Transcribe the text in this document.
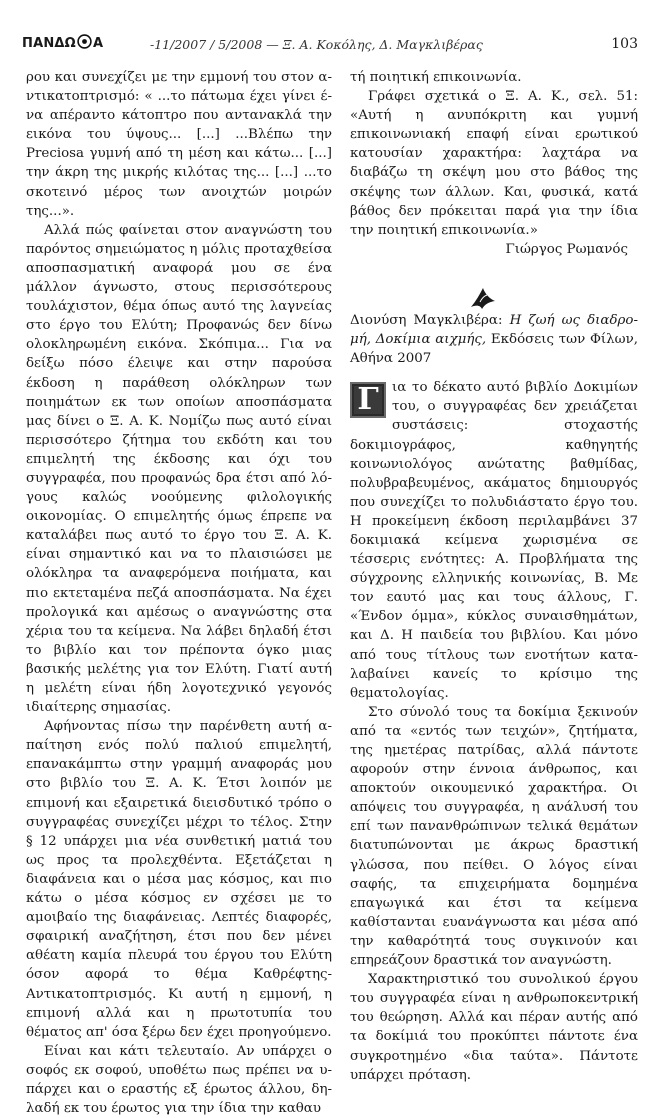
ΠΑΝΔΩ Α	-11/2007 / 5/2008 — Ξ. Α. Κοκόλης, Δ. Μαγκλιβέρας	103

ρου και συνεχίζει με την εμμονή του στον αντικατοπτρισμό: « ...το πάτωμα έχει γίνει ένα απέραντο κάτοπτρο που αντανακλά την εικόνα του ύψους... [...] ...Βλέπω την Preciosa γυμνή από τη μέση και κάτω... [...] την άκρη της μικρής κιλότας της... [...] ...το σκοτεινό μέρος των ανοιχτών μοιρών της...».

Αλλά πώς φαίνεται στον αναγνώστη του παρόντος σημειώματος η μόλις προταχθείσα αποσπασματική αναφορά μου σε ένα μάλλον άγνωστο, στους περισσότερους τουλάχιστον, θέμα όπως αυτό της λαγνείας στο έργο του Ελύτη; Προφανώς δεν δίνω ολοκληρωμένη εικόνα. Σκόπιμα... Για να δείξω πόσο έλειψε και στην παρούσα έκδοση η παράθεση ολόκληρων των ποιημάτων εκ των οποίων αποσπάσματα μας δίνει ο Ξ. Α. Κ. Νομίζω πως αυτό είναι περισσότερο ζήτημα του εκδότη και του επιμελητή της έκδοσης και όχι του συγγραφέα, που προφανώς δρα έτσι από λόγους καλώς νοούμενης φιλολογικής οικονομίας. Ο επιμελητής όμως έπρεπε να καταλάβει πως αυτό το έργο του Ξ. Α. Κ. είναι σημαντικό και να το πλαισιώσει με ολόκληρα τα αναφερόμενα ποιήματα, και πιο εκτεταμένα πεζά αποσπάσματα. Να έχει προλογικά και αμέσως ο αναγνώστης στα χέρια του τα κείμενα. Να λάβει δηλαδή έτσι το βιβλίο και τον πρέποντα όγκο μιας βασικής μελέτης για τον Ελύτη. Γιατί αυτή η μελέτη είναι ήδη λογοτεχνικό γεγονός ιδιαίτερης σημασίας.

Αφήνοντας πίσω την παρένθετη αυτή απαίτηση ενός πολύ παλιού επιμελητή, επανακάμπτω στην γραμμή αναφοράς μου στο βιβλίο του Ξ. Α. Κ. Έτσι λοιπόν με επιμονή και εξαιρετικά διεισδυτικό τρόπο ο συγγραφέας συνεχίζει μέχρι το τέλος. Στην § 12 υπάρχει μια νέα συνθετική ματιά του ως προς τα προλεχθέντα. Εξετάζεται η διαφάνεια και ο μέσα μας κόσμος, και πιο κάτω ο μέσα κόσμος εν σχέσει με το αμοιβαίο της διαφάνειας. Λεπτές διαφορές, σφαιρική αναζήτηση, έτσι που δεν μένει αθέατη καμία πλευρά του έργου του Ελύτη όσον αφορά το θέμα Καθρέφτης-Αντικατοπτρισμός. Κι αυτή η εμμονή, η επιμονή αλλά και η πρωτοτυπία του θέματος απ' όσα ξέρω δεν έχει προηγούμενο.

Είναι και κάτι τελευταίο. Αν υπάρχει ο σοφός εκ σοφού, υποθέτω πως πρέπει να υπάρχει και ο εραστής εξ έρωτος άλλου, δηλαδή εκ του έρωτος για την ίδια την καθαυ

τή ποιητική επικοινωνία.

Γράφει σχετικά ο Ξ. Α. Κ., σελ. 51: «Αυτή η ανυπόκριτη και γυμνή επικοινωνιακή επαφή είναι ερωτικού κατουσίαν χαρακτήρα: λαχτάρα να διαβάζω τη σκέψη μου στο βάθος της σκέψης των άλλων. Και, φυσικά, κατά βάθος δεν πρόκειται παρά για την ίδια την ποιητική επικοινωνία.»

Γιώργος Ρωμανός

Διονύση Μαγκλιβέρα: Η ζωή ως διαδρομή, Δοκίμια αιχμής, Εκδόσεις των Φίλων, Αθήνα 2007

Γ ια το δέκατο αυτό βιβλίο Δοκιμίων του, ο συγγραφέας δεν χρειάζεται συστάσεις: στοχαστής δοκιμιογράφος, καθηγητής κοινωνιολόγος ανώτατης βαθμίδας, πολυβραβευμένος, ακάματος δημιουργός που συνεχίζει το πολυδιάστατο έργο του. Η προκείμενη έκδοση περιλαμβάνει 37 δοκιμιακά κείμενα χωρισμένα σε τέσσερις ενότητες: Α. Προβλήματα της σύγχρονης ελληνικής κοινωνίας, Β. Με τον εαυτό μας και τους άλλους, Γ. «Ένδον όμμα», κύκλος συναισθημάτων, και Δ. Η παιδεία του βιβλίου. Και μόνο από τους τίτλους των ενοτήτων καταλαβαίνει κανείς το κρίσιμο της θεματολογίας.

Στο σύνολό τους τα δοκίμια ξεκινούν από τα «εντός των τειχών», ζητήματα, της ημετέρας πατρίδας, αλλά πάντοτε αφορούν στην έννοια άνθρωπος, και αποκτούν οικουμενικό χαρακτήρα. Οι απόψεις του συγγραφέα, η ανάλυσή του επί των πανανθρώπινων τελικά θεμάτων διατυπώνονται με άκρως δραστική γλώσσα, που πείθει. Ο λόγος είναι σαφής, τα επιχειρήματα δομημένα επαγωγικά και έτσι τα κείμενα καθίστανται ευανάγνωστα και μέσα από την καθαρότητά τους συγκινούν και επηρεάζουν δραστικά τον αναγνώστη.

Χαρακτηριστικό του συνολικού έργου του συγγραφέα είναι η ανθρωποκεντρική του θεώρηση. Αλλά και πέραν αυτής από τα δοκίμιά του προκύπτει πάντοτε ένα συγκροτημένο «δια ταύτα». Πάντοτε υπάρχει πρόταση.
